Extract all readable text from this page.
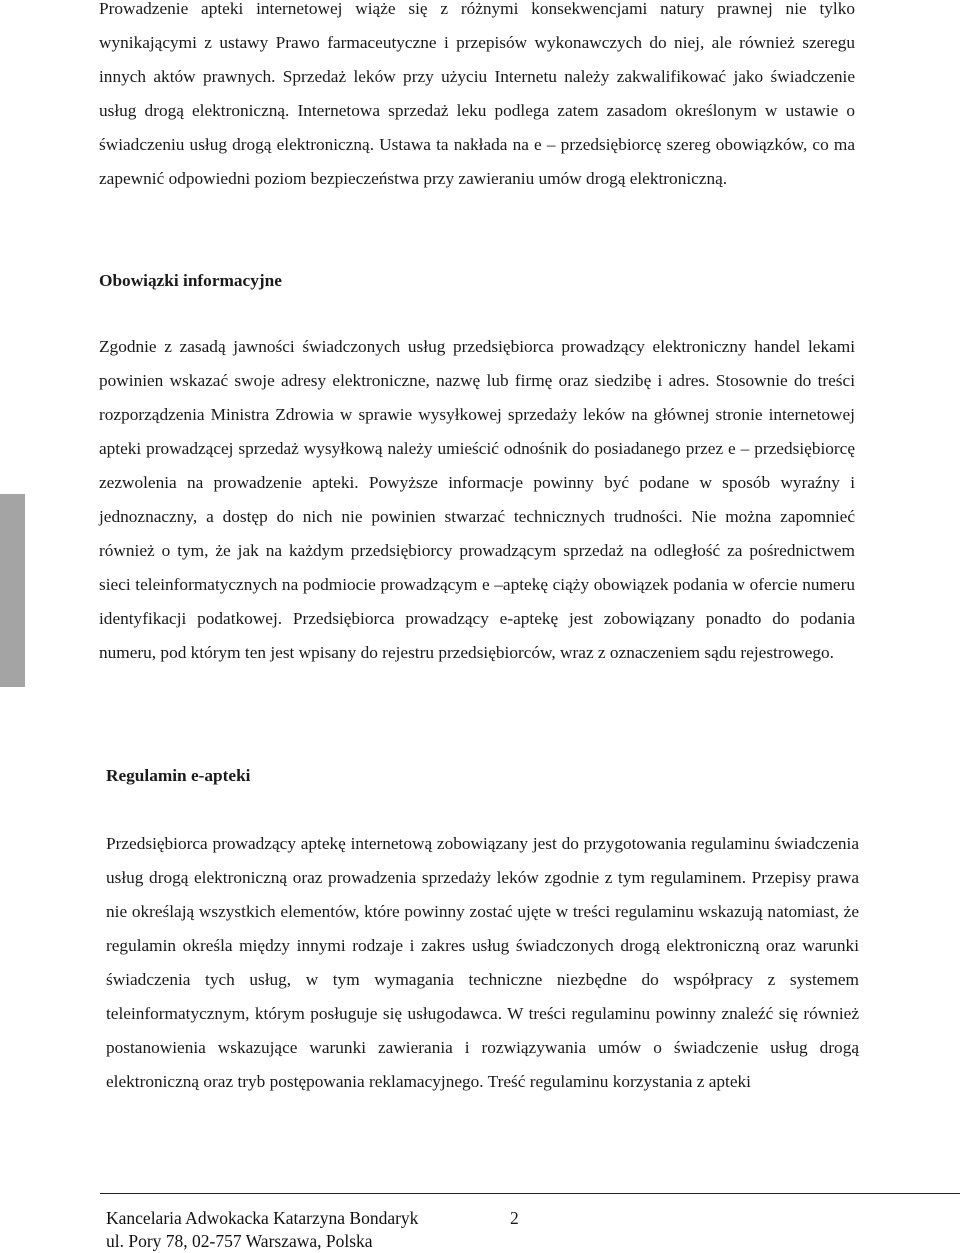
Prowadzenie apteki internetowej wiąże się z różnymi konsekwencjami natury prawnej nie tylko wynikającymi z ustawy Prawo farmaceutyczne i przepisów wykonawczych do niej, ale również szeregu innych aktów prawnych. Sprzedaż leków przy użyciu Internetu należy zakwalifikować jako świadczenie usług drogą elektroniczną. Internetowa sprzedaż leku podlega zatem zasadom określonym w ustawie o świadczeniu usług drogą elektroniczną. Ustawa ta nakłada na e – przedsiębiorcę szereg obowiązków, co ma zapewnić odpowiedni poziom bezpieczeństwa przy zawieraniu umów drogą elektroniczną.

Obowiązki informacyjne

Zgodnie z zasadą jawności świadczonych usług przedsiębiorca prowadzący elektroniczny handel lekami powinien wskazać swoje adresy elektroniczne, nazwę lub firmę oraz siedzibę i adres. Stosownie do treści rozporządzenia Ministra Zdrowia w sprawie wysyłkowej sprzedaży leków na głównej stronie internetowej apteki prowadzącej sprzedaż wysyłkową należy umieścić odnośnik do posiadanego przez e – przedsiębiorcę zezwolenia na prowadzenie apteki. Powyższe informacje powinny być podane w sposób wyraźny i jednoznaczny, a dostęp do nich nie powinien stwarzać technicznych trudności. Nie można zapomnieć również o tym, że jak na każdym przedsiębiorcy prowadzącym sprzedaż na odległość za pośrednictwem sieci teleinformatycznych na podmiocie prowadzącym e –aptekę ciąży obowiązek podania w ofercie numeru identyfikacji podatkowej. Przedsiębiorca prowadzący e-aptekę jest zobowiązany ponadto do podania numeru, pod którym ten jest wpisany do rejestru przedsiębiorców, wraz z oznaczeniem sądu rejestrowego.

Regulamin e-apteki

Przedsiębiorca prowadzący aptekę internetową zobowiązany jest do przygotowania regulaminu świadczenia usług drogą elektroniczną oraz prowadzenia sprzedaży leków zgodnie z tym regulaminem. Przepisy prawa nie określają wszystkich elementów, które powinny zostać ujęte w treści regulaminu wskazują natomiast, że regulamin określa między innymi rodzaje i zakres usług świadczonych drogą elektroniczną oraz warunki świadczenia tych usług, w tym wymagania techniczne niezbędne do współpracy z systemem teleinformatycznym, którym posługuje się usługodawca. W treści regulaminu powinny znaleźć się również postanowienia wskazujące warunki zawierania i rozwiązywania umów o świadczenie usług drogą elektroniczną oraz tryb postępowania reklamacyjnego. Treść regulaminu korzystania z apteki

Kancelaria Adwokacka Katarzyna Bondaryk	2

ul. Pory 78, 02-757 Warszawa, Polska
